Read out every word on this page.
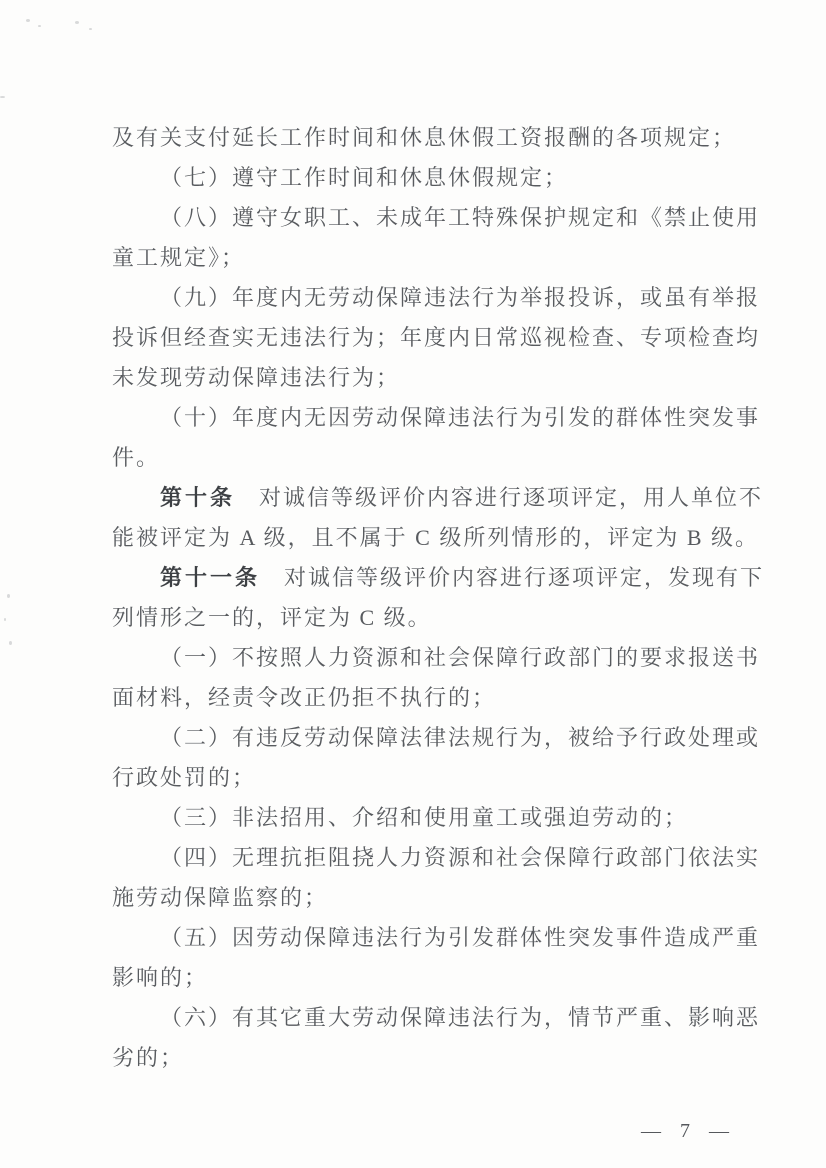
及有关支付延长工作时间和休息休假工资报酬的各项规定；
（七）遵守工作时间和休息休假规定；
（八）遵守女职工、未成年工特殊保护规定和《禁止使用
童工规定》；
（九）年度内无劳动保障违法行为举报投诉，或虽有举报
投诉但经查实无违法行为；年度内日常巡视检查、专项检查均
未发现劳动保障违法行为；
（十）年度内无因劳动保障违法行为引发的群体性突发事
件。
第十条　对诚信等级评价内容进行逐项评定，用人单位不
能被评定为 A 级，且不属于 C 级所列情形的，评定为 B 级。
第十一条　对诚信等级评价内容进行逐项评定，发现有下
列情形之一的，评定为 C 级。
（一）不按照人力资源和社会保障行政部门的要求报送书
面材料，经责令改正仍拒不执行的；
（二）有违反劳动保障法律法规行为，被给予行政处理或
行政处罚的；
（三）非法招用、介绍和使用童工或强迫劳动的；
（四）无理抗拒阻挠人力资源和社会保障行政部门依法实
施劳动保障监察的；
（五）因劳动保障违法行为引发群体性突发事件造成严重
影响的；
（六）有其它重大劳动保障违法行为，情节严重、影响恶
劣的；
— 7 —
